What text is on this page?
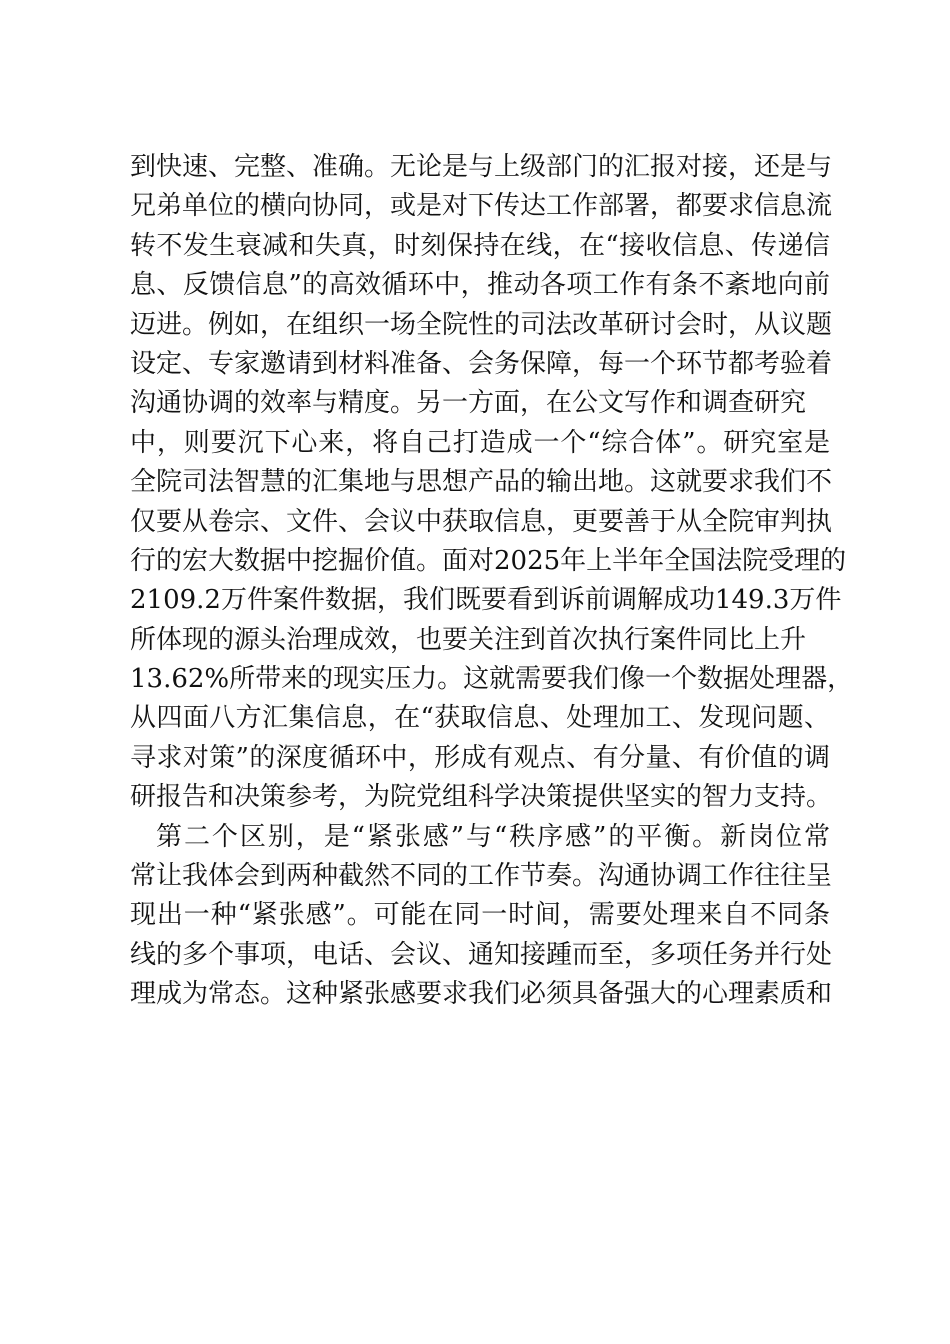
到快速、完整、准确。无论是与上级部门的汇报对接，还是与
兄弟单位的横向协同，或是对下传达工作部署，都要求信息流
转不发生衰减和失真，时刻保持在线，在“接收信息、传递信
息、反馈信息”的高效循环中，推动各项工作有条不紊地向前
迈进。例如，在组织一场全院性的司法改革研讨会时，从议题
设定、专家邀请到材料准备、会务保障，每一个环节都考验着
沟通协调的效率与精度。另一方面，在公文写作和调查研究
中，则要沉下心来，将自己打造成一个“综合体”。研究室是
全院司法智慧的汇集地与思想产品的输出地。这就要求我们不
仅要从卷宗、文件、会议中获取信息，更要善于从全院审判执
行的宏大数据中挖掘价值。面对2025年上半年全国法院受理的
2109.2万件案件数据，我们既要看到诉前调解成功149.3万件
所体现的源头治理成效，也要关注到首次执行案件同比上升
13.62%所带来的现实压力。这就需要我们像一个数据处理器，
从四面八方汇集信息，在“获取信息、处理加工、发现问题、
寻求对策”的深度循环中，形成有观点、有分量、有价值的调
研报告和决策参考，为院党组科学决策提供坚实的智力支持。
第二个区别，是“紧张感”与“秩序感”的平衡。新岗位常
常让我体会到两种截然不同的工作节奏。沟通协调工作往往呈
现出一种“紧张感”。可能在同一时间，需要处理来自不同条
线的多个事项，电话、会议、通知接踵而至，多项任务并行处
理成为常态。这种紧张感要求我们必须具备强大的心理素质和
